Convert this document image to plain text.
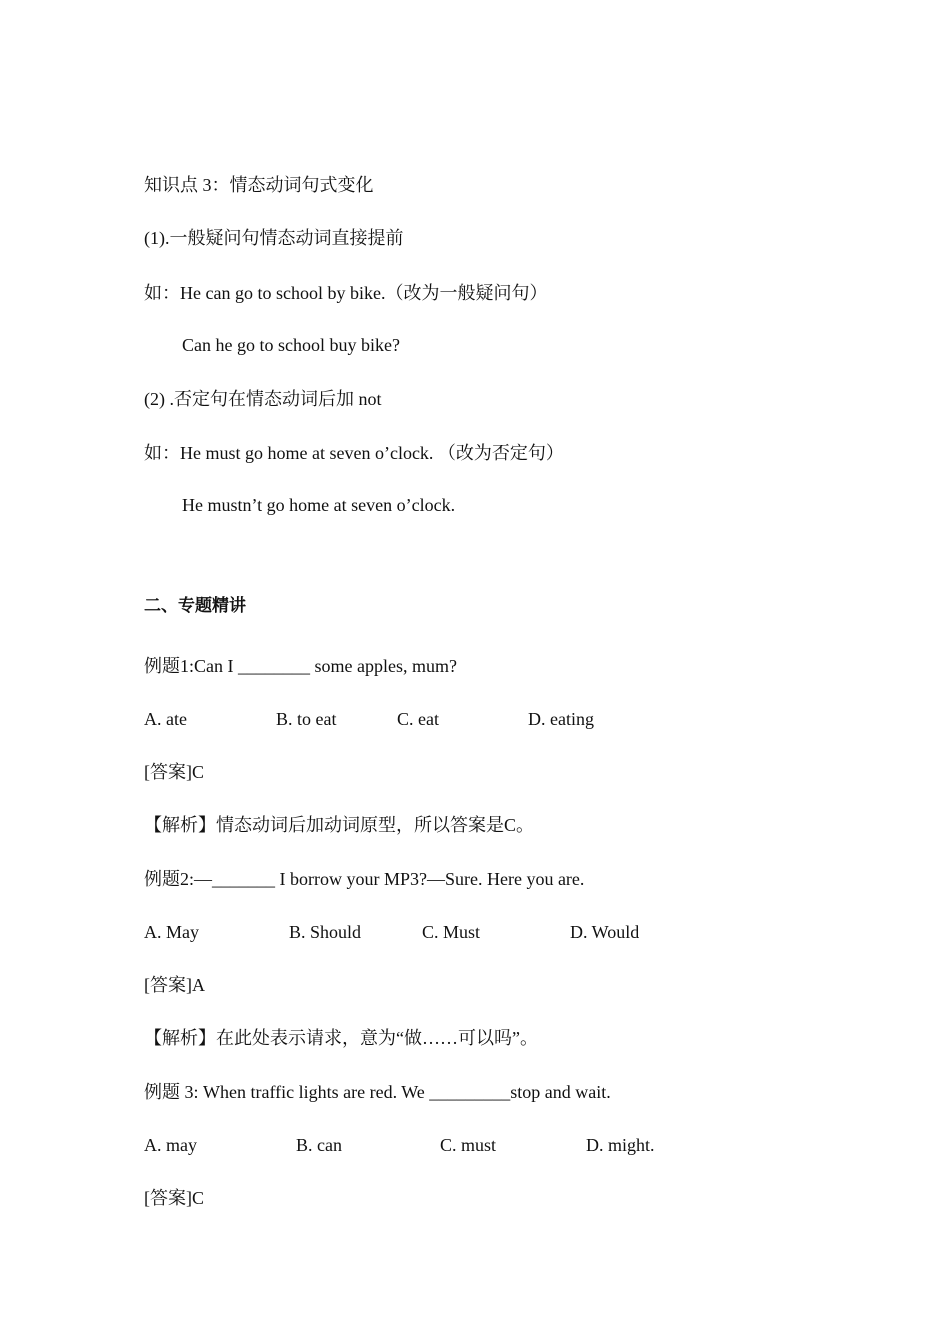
知识点 3：情态动词句式变化
(1).一般疑问句情态动词直接提前
如：He can go to school by bike.（改为一般疑问句）
Can he go to school buy bike?
(2) .否定句在情态动词后加 not
如：He must go home at seven o’clock. （改为否定句）
He mustn’t go home at seven o’clock.
二、专题精讲
例题1:Can I ________ some apples, mum?
A. ate	B. to eat	C. eat	D. eating
[答案]C
【解析】情态动词后加动词原型，所以答案是C。
例题2:—_______ I borrow your MP3?—Sure. Here you are.
A. May	B. Should	C. Must	D. Would
[答案]A
【解析】在此处表示请求，意为“做……可以吗”。
例题 3: When traffic lights are red. We _________stop and wait.
A. may	B. can	C. must	D. might.
[答案]C
